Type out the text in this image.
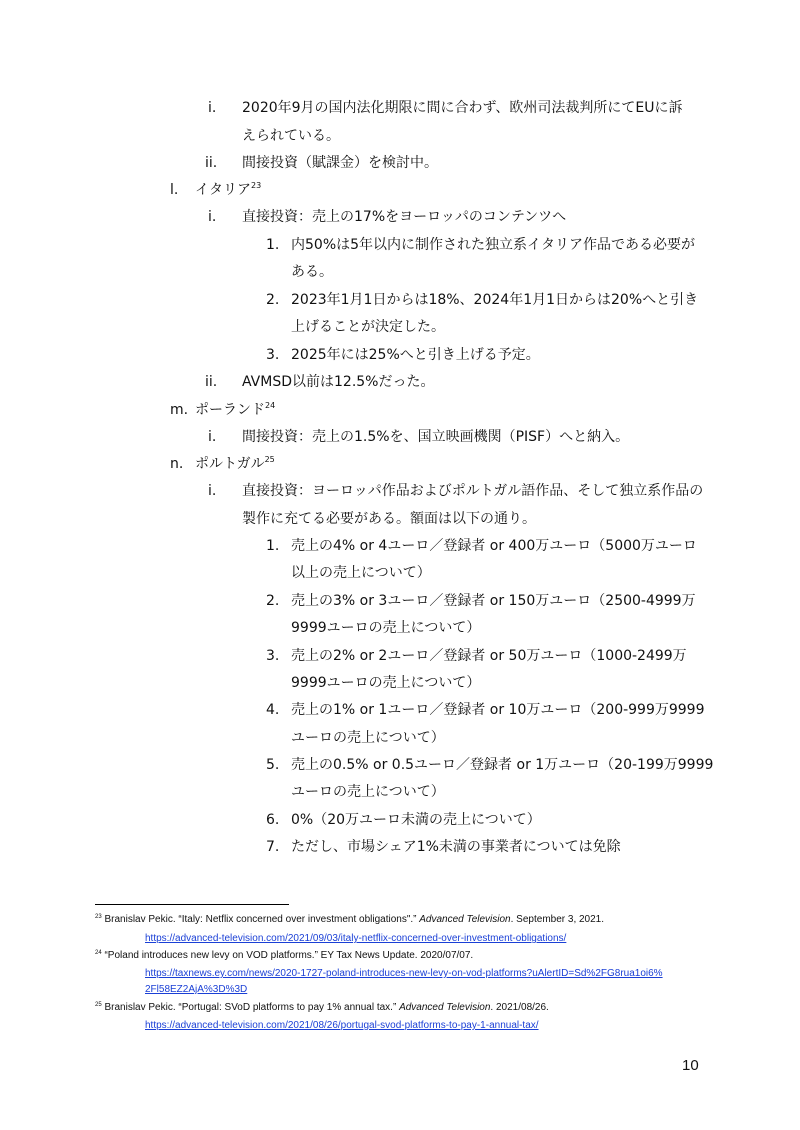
i. 2020年9月の国内法化期限に間に合わず、欧州司法裁判所にてEUに訴
えられている。
ii. 間接投資（賦課金）を検討中。
l. イタリア$^{23}$
i. 直接投資：売上の17%をヨーロッパのコンテンツへ
1. 内50%は5年以内に制作された独立系イタリア作品である必要が
ある。
2. 2023年1月1日からは18%、2024年1月1日からは20%へと引き
上げることが決定した。
3. 2025年には25%へと引き上げる予定。
ii. AVMSD以前は12.5%だった。
m. ポーランド$^{24}$
i. 間接投資：売上の1.5%を、国立映画機関（PISF）へと納入。
n. ポルトガル$^{25}$
i. 直接投資：ヨーロッパ作品およびポルトガル語作品、そして独立系作品の
製作に充てる必要がある。額面は以下の通り。
1. 売上の4% or 4ユーロ／登録者 or 400万ユーロ（5000万ユーロ
以上の売上について）
2. 売上の3% or 3ユーロ／登録者 or 150万ユーロ（2500-4999万
9999ユーロの売上について）
3. 売上の2% or 2ユーロ／登録者 or 50万ユーロ（1000-2499万
9999ユーロの売上について）
4. 売上の1% or 1ユーロ／登録者 or 10万ユーロ（200-999万9999
ユーロの売上について）
5. 売上の0.5% or 0.5ユーロ／登録者 or 1万ユーロ（20-199万9999
ユーロの売上について）
6. 0%（20万ユーロ未満の売上について）
7. ただし、市場シェア1%未満の事業者については免除
$^{23}$ Branislav Pekic. “Italy: Netflix concerned over investment obligations".” Advanced Television. September 3, 2021.
https://advanced-television.com/2021/09/03/italy-netflix-concerned-over-investment-obligations/
$^{24}$ “Poland introduces new levy on VOD platforms.” EY Tax News Update. 2020/07/07.
https://taxnews.ey.com/news/2020-1727-poland-introduces-new-levy-on-vod-platforms?uAlertID=Sd%2FG8rua1oi6%
2Fl58EZ2AjA%3D%3D
$^{25}$ Branislav Pekic. “Portugal: SVoD platforms to pay 1% annual tax.” Advanced Television. 2021/08/26.
https://advanced-television.com/2021/08/26/portugal-svod-platforms-to-pay-1-annual-tax/
10
